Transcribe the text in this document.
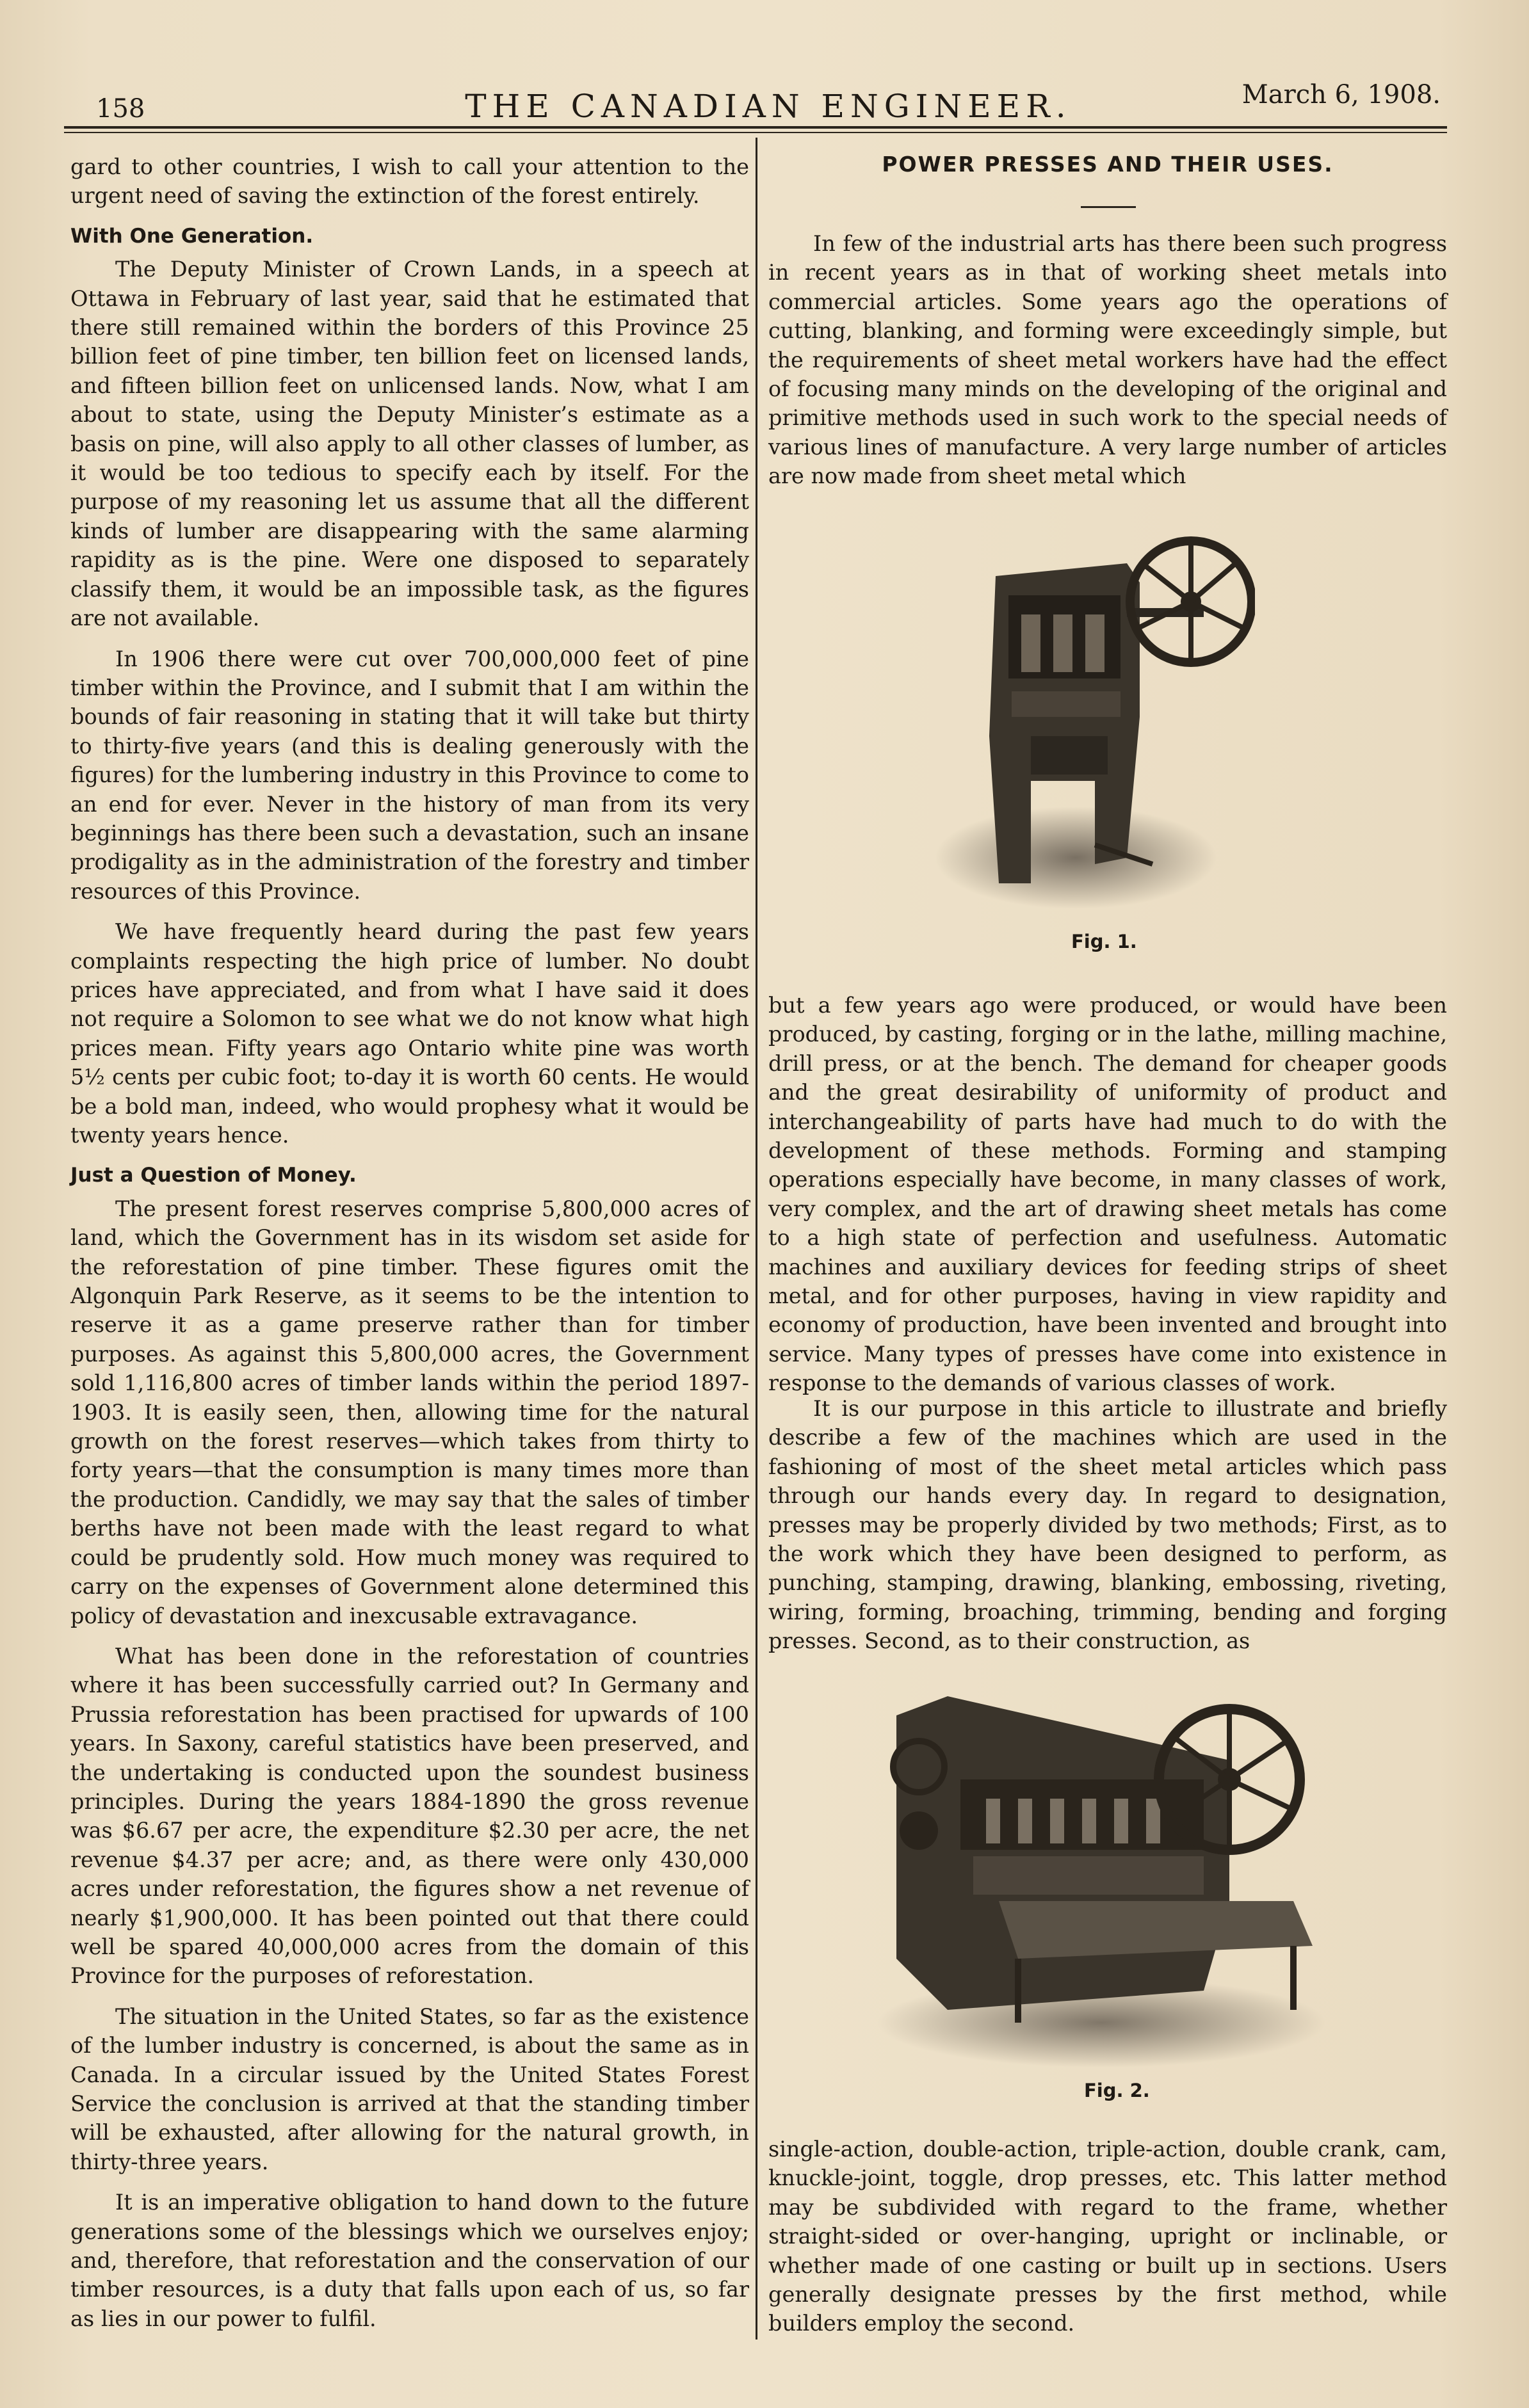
158	THE CANADIAN ENGINEER.	March 6, 1908.

gard to other countries, I wish to call your attention to the urgent need of saving the extinction of the forest entirely.

With One Generation.

The Deputy Minister of Crown Lands, in a speech at Ottawa in February of last year, said that he estimated that there still remained within the borders of this Province 25 billion feet of pine timber, ten billion feet on licensed lands, and fifteen billion feet on unlicensed lands. Now, what I am about to state, using the Deputy Minister’s estimate as a basis on pine, will also apply to all other classes of lumber, as it would be too tedious to specify each by itself. For the purpose of my reasoning let us assume that all the different kinds of lumber are disappearing with the same alarming rapidity as is the pine. Were one disposed to separately classify them, it would be an impossible task, as the figures are not available.

In 1906 there were cut over 700,000,000 feet of pine timber within the Province, and I submit that I am within the bounds of fair reasoning in stating that it will take but thirty to thirty-five years (and this is dealing generously with the figures) for the lumbering industry in this Province to come to an end for ever. Never in the history of man from its very beginnings has there been such a devastation, such an insane prodigality as in the administration of the forestry and timber resources of this Province.

We have frequently heard during the past few years complaints respecting the high price of lumber. No doubt prices have appreciated, and from what I have said it does not require a Solomon to see what we do not know what high prices mean. Fifty years ago Ontario white pine was worth 5½ cents per cubic foot; to-day it is worth 60 cents. He would be a bold man, indeed, who would prophesy what it would be twenty years hence.

Just a Question of Money.

The present forest reserves comprise 5,800,000 acres of land, which the Government has in its wisdom set aside for the reforestation of pine timber. These figures omit the Algonquin Park Reserve, as it seems to be the intention to reserve it as a game preserve rather than for timber purposes. As against this 5,800,000 acres, the Government sold 1,116,800 acres of timber lands within the period 1897-1903. It is easily seen, then, allowing time for the natural growth on the forest reserves—which takes from thirty to forty years—that the consumption is many times more than the production. Candidly, we may say that the sales of timber berths have not been made with the least regard to what could be prudently sold. How much money was required to carry on the expenses of Government alone determined this policy of devastation and inexcusable extravagance.

What has been done in the reforestation of countries where it has been successfully carried out? In Germany and Prussia reforestation has been practised for upwards of 100 years. In Saxony, careful statistics have been preserved, and the undertaking is conducted upon the soundest business principles. During the years 1884-1890 the gross revenue was $6.67 per acre, the expenditure $2.30 per acre, the net revenue $4.37 per acre; and, as there were only 430,000 acres under reforestation, the figures show a net revenue of nearly $1,900,000. It has been pointed out that there could well be spared 40,000,000 acres from the domain of this Province for the purposes of reforestation.

The situation in the United States, so far as the existence of the lumber industry is concerned, is about the same as in Canada. In a circular issued by the United States Forest Service the conclusion is arrived at that the standing timber will be exhausted, after allowing for the natural growth, in thirty-three years.

It is an imperative obligation to hand down to the future generations some of the blessings which we ourselves enjoy; and, therefore, that reforestation and the conservation of our timber resources, is a duty that falls upon each of us, so far as lies in our power to fulfil.

POWER PRESSES AND THEIR USES.

In few of the industrial arts has there been such progress in recent years as in that of working sheet metals into commercial articles. Some years ago the operations of cutting, blanking, and forming were exceedingly simple, but the requirements of sheet metal workers have had the effect of focusing many minds on the developing of the original and primitive methods used in such work to the special needs of various lines of manufacture. A very large number of articles are now made from sheet metal which

Fig. 1.

but a few years ago were produced, or would have been produced, by casting, forging or in the lathe, milling machine, drill press, or at the bench. The demand for cheaper goods and the great desirability of uniformity of product and interchangeability of parts have had much to do with the development of these methods. Forming and stamping operations especially have become, in many classes of work, very complex, and the art of drawing sheet metals has come to a high state of perfection and usefulness. Automatic machines and auxiliary devices for feeding strips of sheet metal, and for other purposes, having in view rapidity and economy of production, have been invented and brought into service. Many types of presses have come into existence in response to the demands of various classes of work.

It is our purpose in this article to illustrate and briefly describe a few of the machines which are used in the fashioning of most of the sheet metal articles which pass through our hands every day. In regard to designation, presses may be properly divided by two methods; First, as to the work which they have been designed to perform, as punching, stamping, drawing, blanking, embossing, riveting, wiring, forming, broaching, trimming, bending and forging presses. Second, as to their construction, as

Fig. 2.

single-action, double-action, triple-action, double crank, cam, knuckle-joint, toggle, drop presses, etc. This latter method may be subdivided with regard to the frame, whether straight-sided or over-hanging, upright or inclinable, or whether made of one casting or built up in sections. Users generally designate presses by the first method, while builders employ the second.
